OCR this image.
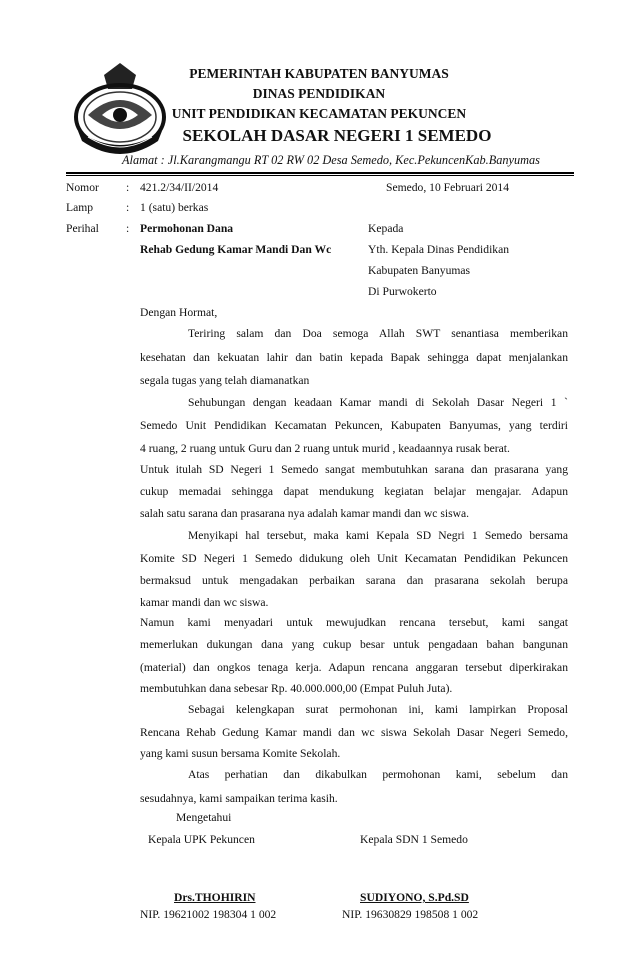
PEMERINTAH KABUPATEN BANYUMAS
DINAS PENDIDIKAN
UNIT PENDIDIKAN KECAMATAN PEKUNCEN
SEKOLAH DASAR NEGERI 1 SEMEDO
Alamat : Jl.Karangmangu RT 02 RW 02 Desa Semedo, Kec.PekuncenKab.Banyumas
Nomor : 421.2/34/II/2014	Semedo, 10 Februari 2014
Lamp	: 1 (satu) berkas
Perihal : Permohonan Dana
Rehab Gedung Kamar Mandi Dan Wc
Kepada
Yth. Kepala Dinas Pendidikan
Kabupaten Banyumas
Di Purwokerto
Dengan Hormat,
Teriring salam dan Doa semoga Allah SWT senantiasa memberikan
kesehatan dan kekuatan lahir dan batin kepada Bapak sehingga dapat menjalankan
segala tugas yang telah diamanatkan
Sehubungan dengan keadaan Kamar mandi di Sekolah Dasar Negeri 1 `
Semedo Unit Pendidikan Kecamatan Pekuncen, Kabupaten Banyumas, yang terdiri
4 ruang, 2 ruang untuk Guru dan 2 ruang untuk murid , keadaannya rusak berat.
Untuk itulah SD Negeri 1 Semedo sangat membutuhkan sarana dan prasarana yang
cukup memadai sehingga dapat mendukung kegiatan belajar mengajar. Adapun
salah satu sarana dan prasarana nya adalah kamar mandi dan wc siswa.
Menyikapi hal tersebut, maka kami Kepala SD Negri 1 Semedo bersama
Komite SD Negeri 1 Semedo didukung oleh Unit Kecamatan Pendidikan Pekuncen
bermaksud untuk mengadakan perbaikan sarana dan prasarana sekolah berupa
kamar mandi dan wc siswa.
Namun kami menyadari untuk mewujudkan rencana tersebut, kami sangat
memerlukan dukungan dana yang cukup besar untuk pengadaan bahan bangunan
(material) dan ongkos tenaga kerja. Adapun rencana anggaran tersebut diperkirakan
membutuhkan dana sebesar Rp. 40.000.000,00 (Empat Puluh Juta).
Sebagai kelengkapan surat permohonan ini, kami lampirkan Proposal
Rencana Rehab Gedung Kamar mandi dan wc siswa Sekolah Dasar Negeri Semedo,
yang kami susun bersama Komite Sekolah.
Atas perhatian dan dikabulkan permohonan kami, sebelum dan
sesudahnya, kami sampaikan terima kasih.
Mengetahui
Kepala UPK Pekuncen	Kepala SDN 1 Semedo
Drs.THOHIRIN	SUDIYONO, S.Pd.SD
NIP. 19621002 198304 1 002	NIP. 19630829 198508 1 002
